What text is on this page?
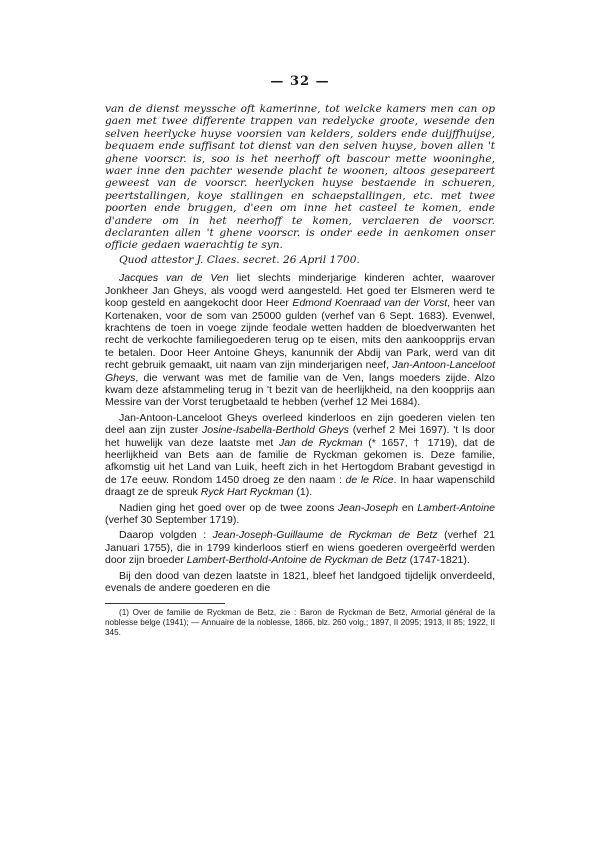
— 32 —

van de dienst meyssche oft kamerinne, tot welcke kamers men can op gaen met twee differente trappen van redelycke groote, wesende den selven heerlycke huyse voorsien van kelders, solders ende duijffhuijse, bequaem ende suffisant tot dienst van den selven huyse, boven allen 't ghene voorscr. is, soo is het neerhoff oft bascour mette wooninghe, waer inne den pachter wesende placht te woonen, altoos gesepareert geweest van de voorscr. heerlycken huyse bestaende in schueren, peertstallingen, koye stallingen en schaepstallingen, etc. met twee poorten ende bruggen, d'een om inne het casteel te komen, ende d'andere om in het neerhoff te komen, verclaeren de voorscr. declaranten allen 't ghene voorscr. is onder eede in aenkomen onser officie gedaen waerachtig te syn.

Quod attestor J. Claes. secret. 26 April 1700.

Jacques van de Ven liet slechts minderjarige kinderen achter, waarover Jonkheer Jan Gheys, als voogd werd aangesteld. Het goed ter Elsmeren werd te koop gesteld en aangekocht door Heer Edmond Koenraad van der Vorst, heer van Kortenaken, voor de som van 25000 gulden (verhef van 6 Sept. 1683). Evenwel, krachtens de toen in voege zijnde feodale wetten hadden de bloedverwanten het recht de verkochte familiegoederen terug op te eisen, mits den aankoopprijs ervan te betalen. Door Heer Antoine Gheys, kanunnik der Abdij van Park, werd van dit recht gebruik gemaakt, uit naam van zijn minderjarigen neef, Jan-Antoon-Lanceloot Gheys, die verwant was met de familie van de Ven, langs moeders zijde. Alzo kwam deze afstammeling terug in 't bezit van de heerlijkheid, na den koopprijs aan Messire van der Vorst terugbetaald te hebben (verhef 12 Mei 1684).

Jan-Antoon-Lanceloot Gheys overleed kinderloos en zijn goederen vielen ten deel aan zijn zuster Josine-Isabella-Berthold Gheys (verhef 2 Mei 1697). 't Is door het huwelijk van deze laatste met Jan de Ryckman (* 1657, † 1719), dat de heerlijkheid van Bets aan de familie de Ryckman gekomen is. Deze familie, afkomstig uit het Land van Luik, heeft zich in het Hertogdom Brabant gevestigd in de 17e eeuw. Rondom 1450 droeg ze den naam : de le Rice. In haar wapenschild draagt ze de spreuk Ryck Hart Ryckman (1).

Nadien ging het goed over op de twee zoons Jean-Joseph en Lambert-Antoine (verhef 30 September 1719).

Daarop volgden : Jean-Joseph-Guillaume de Ryckman de Betz (verhef 21 Januari 1755), die in 1799 kinderloos stierf en wiens goederen overgeërfd werden door zijn broeder Lambert-Berthold-Antoine de Ryckman de Betz (1747-1821).

Bij den dood van dezen laatste in 1821, bleef het landgoed tijdelijk onverdeeld, evenals de andere goederen en die

(1) Over de familie de Ryckman de Betz, zie : Baron de Ryckman de Betz, Armorial général de la noblesse belge (1941); — Annuaire de la noblesse, 1866, blz. 260 volg.; 1897, II 2095; 1913, II 85; 1922, II 345.
